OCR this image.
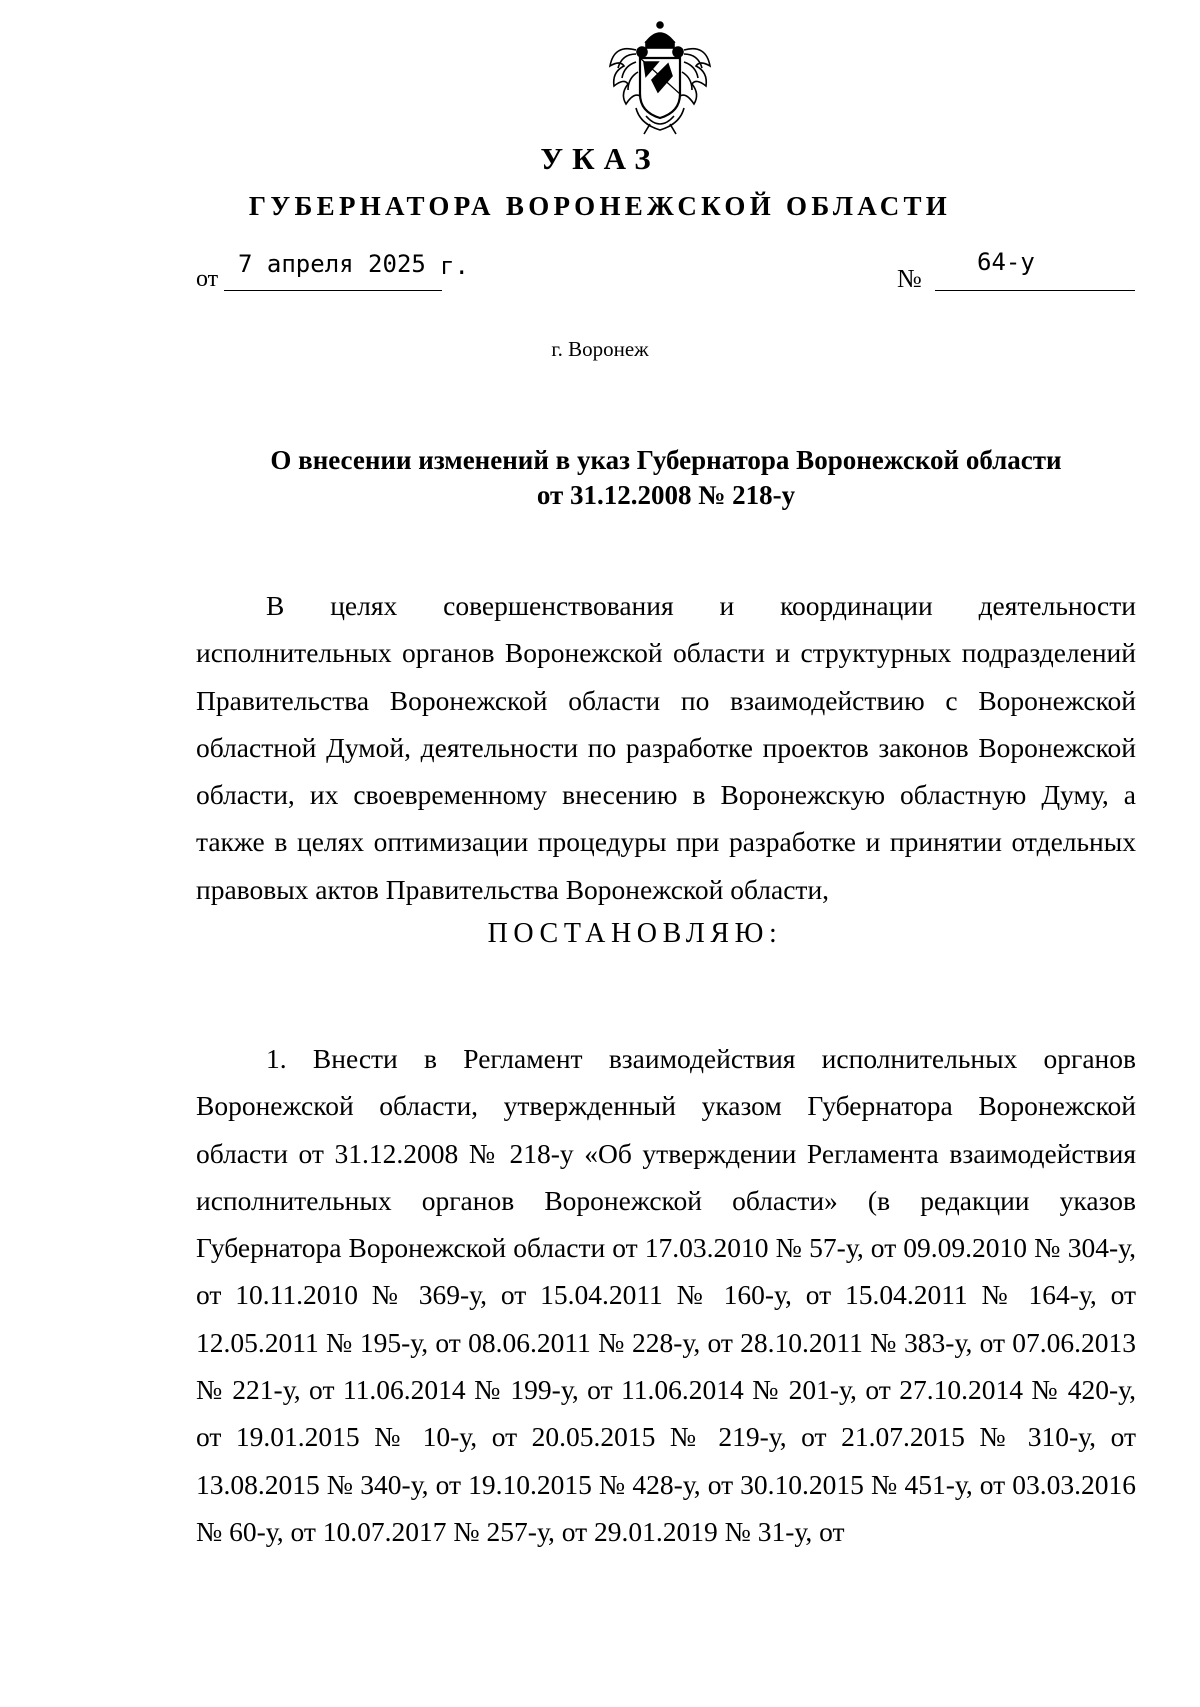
УКАЗ
ГУБЕРНАТОРА ВОРОНЕЖСКОЙ ОБЛАСТИ
от
7 апреля 2025 г.	№
64-у
г. Воронеж
О внесении изменений в указ Губернатора Воронежской области
от 31.12.2008 № 218-у

В целях совершенствования и координации деятельности исполнительных органов Воронежской области и структурных подразделений Правительства Воронежской области по взаимодействию с Воронежской областной Думой, деятельности по разработке проектов законов Воронежской области, их своевременному внесению в Воронежскую областную Думу, а также в целях оптимизации процедуры при разработке и принятии отдельных правовых актов Правительства Воронежской области,

ПОСТАНОВЛЯЮ:

1. Внести в Регламент взаимодействия исполнительных органов Воронежской области, утвержденный указом Губернатора Воронежской области от 31.12.2008 № 218-у «Об утверждении Регламента взаимодействия исполнительных органов Воронежской области» (в редакции указов Губернатора Воронежской области от 17.03.2010 № 57-у, от 09.09.2010 № 304-у, от 10.11.2010 № 369-у, от 15.04.2011 № 160-у, от 15.04.2011 № 164-у, от 12.05.2011 № 195-у, от 08.06.2011 № 228-у, от 28.10.2011 № 383-у, от 07.06.2013 № 221-у, от 11.06.2014 № 199-у, от 11.06.2014 № 201-у, от 27.10.2014 № 420-у, от 19.01.2015 № 10-у, от 20.05.2015 № 219-у, от 21.07.2015 № 310-у, от 13.08.2015 № 340-у, от 19.10.2015 № 428-у, от 30.10.2015 № 451-у, от 03.03.2016 № 60-у, от 10.07.2017 № 257-у, от 29.01.2019 № 31-у, от
